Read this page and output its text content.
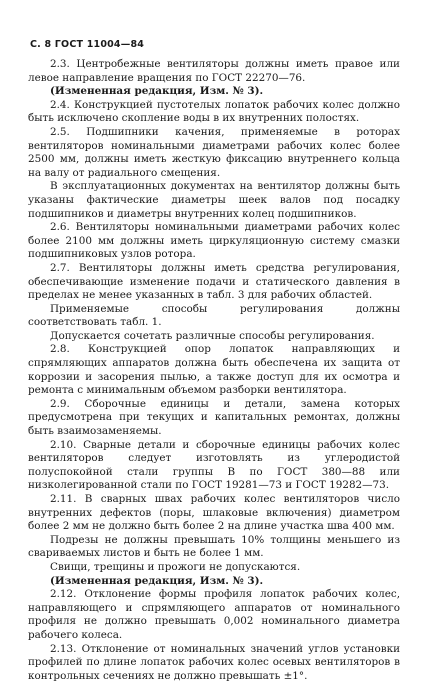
С. 8 ГОСТ 11004—84

2.3. Центробежные вентиляторы должны иметь правое или левое направление вращения по ГОСТ 22270—76.

(Измененная редакция, Изм. № 3).

2.4. Конструкцией пустотелых лопаток рабочих колес должно быть исключено скопление воды в их внутренних полостях.

2.5. Подшипники качения, применяемые в роторах вентиляторов номинальными диаметрами рабочих колес более 2500 мм, должны иметь жесткую фиксацию внутреннего кольца на валу от радиального смещения.

В эксплуатационных документах на вентилятор должны быть указаны фактические диаметры шеек валов под посадку подшипников и диаметры внутренних колец подшипников.

2.6. Вентиляторы номинальными диаметрами рабочих колес более 2100 мм должны иметь циркуляционную систему смазки подшипниковых узлов ротора.

2.7. Вентиляторы должны иметь средства регулирования, обеспечивающие изменение подачи и статического давления в пределах не менее указанных в табл. 3 для рабочих областей.

Применяемые способы регулирования должны соответствовать табл. 1.

Допускается сочетать различные способы регулирования.

2.8. Конструкцией опор лопаток направляющих и спрямляющих аппаратов должна быть обеспечена их защита от коррозии и засорения пылью, а также доступ для их осмотра и ремонта с минимальным объемом разборки вентилятора.

2.9. Сборочные единицы и детали, замена которых предусмотрена при текущих и капитальных ремонтах, должны быть взаимозаменяемы.

2.10. Сварные детали и сборочные единицы рабочих колес вентиляторов следует изготовлять из углеродистой полуспокойной стали группы В по ГОСТ 380—88 или низколегированной стали по ГОСТ 19281—73 и ГОСТ 19282—73.

2.11. В сварных швах рабочих колес вентиляторов число внутренних дефектов (поры, шлаковые включения) диаметром более 2 мм не должно быть более 2 на длине участка шва 400 мм.

Подрезы не должны превышать 10% толщины меньшего из свариваемых листов и быть не более 1 мм.

Свищи, трещины и прожоги не допускаются.

(Измененная редакция, Изм. № 3).

2.12. Отклонение формы профиля лопаток рабочих колес, направляющего и спрямляющего аппаратов от номинального профиля не должно превышать 0,002 номинального диаметра рабочего колеса.

2.13. Отклонение от номинальных значений углов установки профилей по длине лопаток рабочих колес осевых вентиляторов в контрольных сечениях не должно превышать ±1°.
